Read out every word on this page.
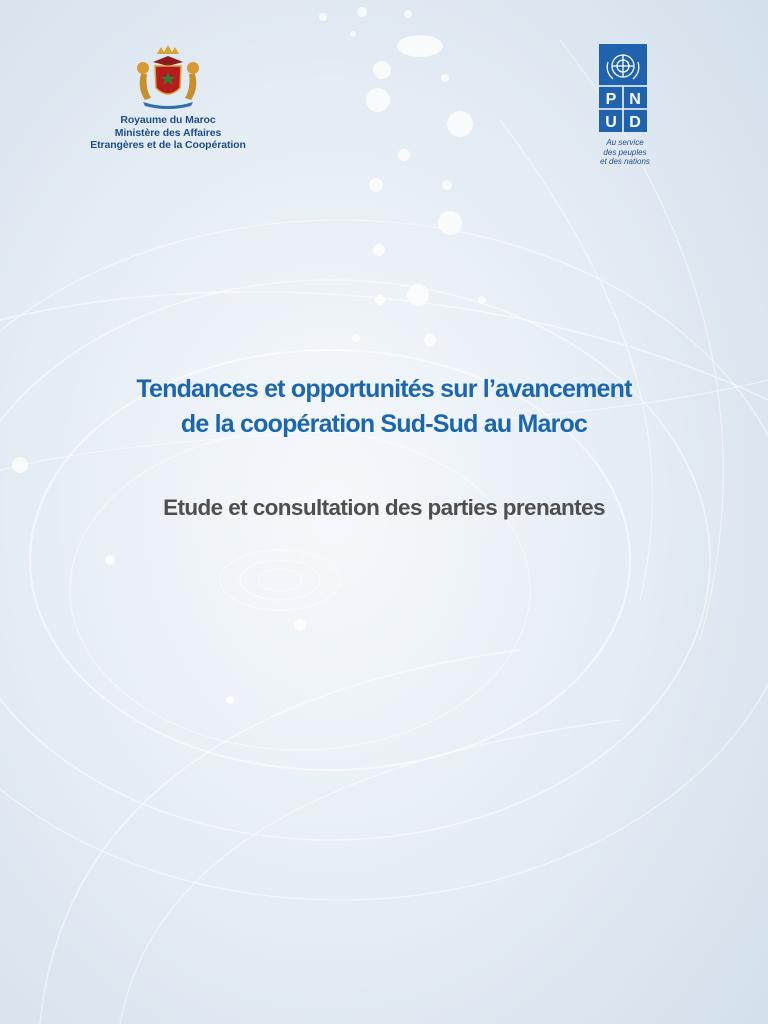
Royaume du Maroc
Ministère des Affaires
Etrangères et de la Coopération
P N
U D
Au service
des peuples
et des nations
Tendances et opportunités sur l’avancement
de la coopération Sud-Sud au Maroc
Etude et consultation des parties prenantes
